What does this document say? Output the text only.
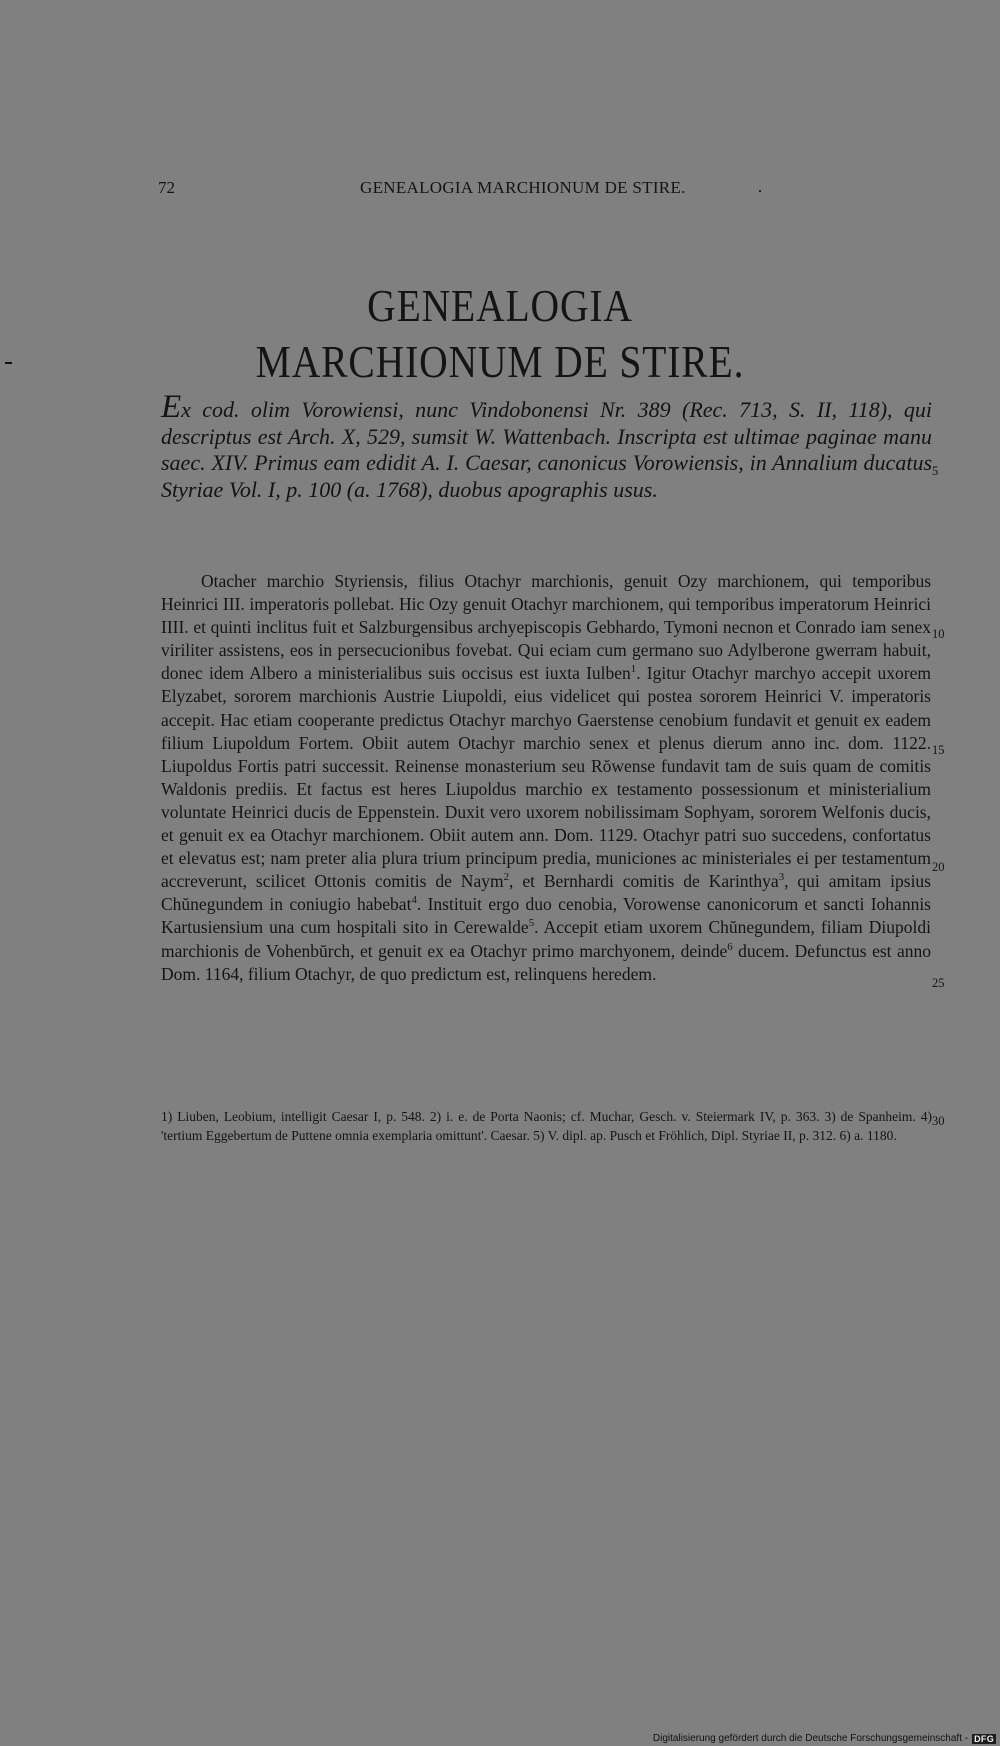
72	GENEALOGIA MARCHIONUM DE STIRE.
GENEALOGIA
MARCHIONUM DE STIRE.
Ex cod. olim Vorowiensi, nunc Vindobonensi Nr. 389 (Rec. 713, S. II, 118), qui descriptus est Arch. X, 529, sumsit W. Wattenbach. Inscripta est ultimae paginae manu saec. XIV. Primus eam edidit A. I. Caesar, canonicus Vorowiensis, in Annalium ducatus Styriae Vol. I, p. 100 (a. 1768), duobus apographis usus.

Otacher marchio Styriensis, filius Otachyr marchionis, genuit Ozy marchionem, qui temporibus Heinrici III. imperatoris pollebat. Hic Ozy genuit Otachyr marchionem, qui temporibus imperatorum Heinrici IIII. et quinti inclitus fuit et Salzburgensibus archyepiscopis Gebhardo, Tymoni necnon et Conrado iam senex viriliter assistens, eos in persecucionibus fovebat. Qui eciam cum germano suo Adylberone gwerram habuit, donec idem Albero a ministerialibus suis occisus est iuxta Iulben$^1$. Igitur Otachyr marchyo accepit uxorem Elyzabet, sororem marchionis Austrie Liupoldi, eius videlicet qui postea sororem Heinrici V. imperatoris accepit. Hac etiam cooperante predictus Otachyr marchyo Gaerstense cenobium fundavit et genuit ex eadem filium Liupoldum Fortem. Obiit autem Otachyr marchio senex et plenus dierum anno inc. dom. 1122. Liupoldus Fortis patri successit. Reinense monasterium seu Rŏwense fundavit tam de suis quam de comitis Waldonis prediis. Et factus est heres Liupoldus marchio ex testamento possessionum et ministerialium voluntate Heinrici ducis de Eppenstein. Duxit vero uxorem nobilissimam Sophyam, sororem Welfonis ducis, et genuit ex ea Otachyr marchionem. Obiit autem ann. Dom. 1129. Otachyr patri suo succedens, confortatus et elevatus est; nam preter alia plura trium principum predia, municiones ac ministeriales ei per testamentum accreverunt, scilicet Ottonis comitis de Naym$^2$, et Bernhardi comitis de Karinthya$^3$, qui amitam ipsius Chŭnegundem in coniugio habebat$^4$. Instituit ergo duo cenobia, Vorowense canonicorum et sancti Iohannis Kartusiensium una cum hospitali sito in Cerewalde$^5$. Accepit etiam uxorem Chŭnegundem, filiam Diupoldi marchionis de Vohenbŭrch, et genuit ex ea Otachyr primo marchyonem, deinde$^6$ ducem. Defunctus est anno Dom. 1164, filium Otachyr, de quo predictum est, relinquens heredem.

1) Liuben, Leobium, intelligit Caesar I, p. 548. 2) i. e. de Porta Naonis; cf. Muchar, Gesch. v. Steiermark IV, p. 363. 3) de Spanheim. 4) 'tertium Eggebertum de Puttene omnia exemplaria omittunt'. Caesar. 5) V. dipl. ap. Pusch et Fröhlich, Dipl. Styriae II, p. 312. 6) a. 1180.

5
10
15
20
25
30
Digitalisierung gefördert durch die Deutsche Forschungsgemeinschaft - DFG
